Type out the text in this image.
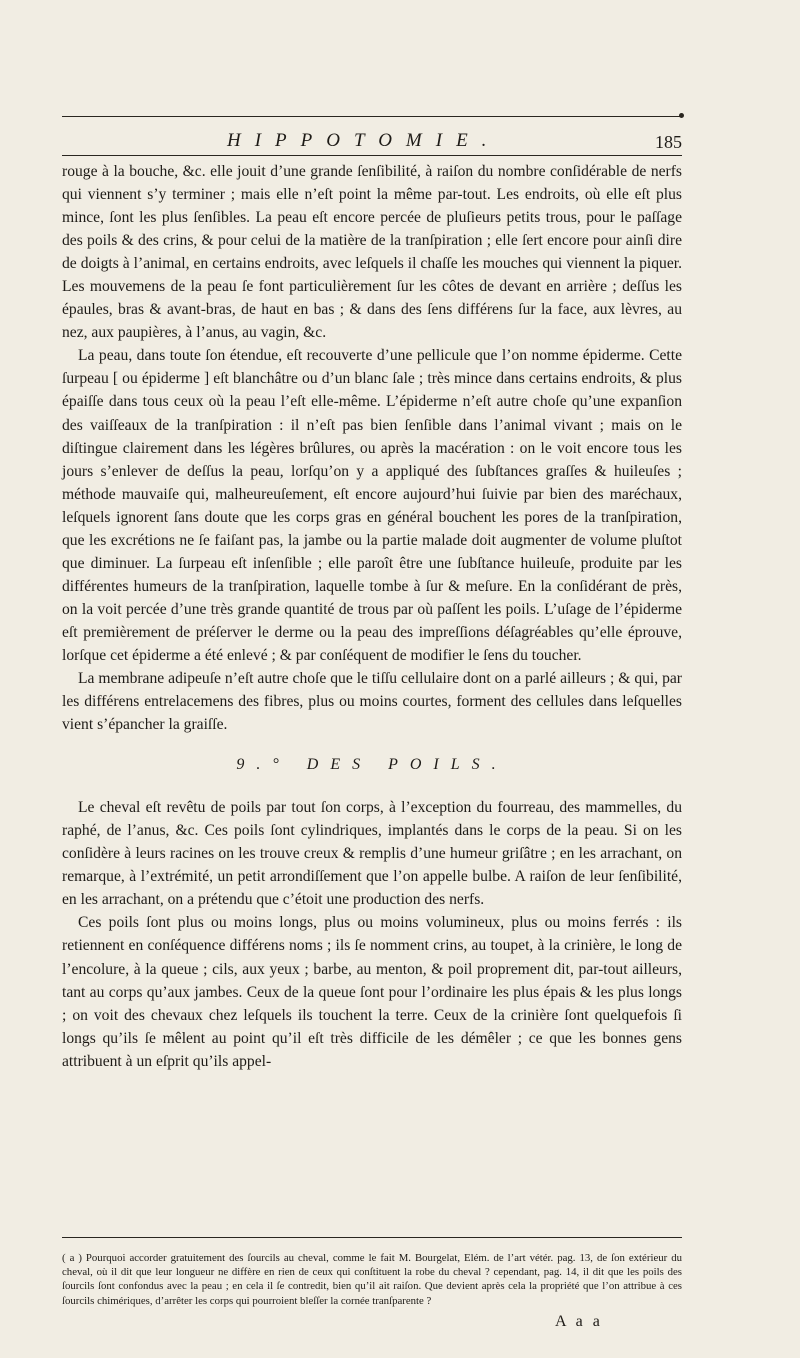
HIPPOTOMIE.	185

rouge à la bouche, &c. elle jouit d’une grande ſenſibilité, à raiſon du nombre conſidérable de nerfs qui viennent s’y terminer ; mais elle n’eſt point la même par-tout. Les endroits, où elle eſt plus mince, ſont les plus ſenſibles. La peau eſt encore percée de pluſieurs petits trous, pour le paſſage des poils & des crins, & pour celui de la matière de la tranſpiration ; elle ſert encore pour ainſi dire de doigts à l’animal, en certains endroits, avec leſquels il chaſſe les mouches qui viennent la piquer. Les mouvemens de la peau ſe font particulièrement ſur les côtes de devant en arrière ; deſſus les épaules, bras & avant-bras, de haut en bas ; & dans des ſens différens ſur la face, aux lèvres, au nez, aux paupières, à l’anus, au vagin, &c.

La peau, dans toute ſon étendue, eſt recouverte d’une pellicule que l’on nomme épiderme. Cette ſurpeau [ ou épiderme ] eſt blanchâtre ou d’un blanc ſale ; très mince dans certains endroits, & plus épaiſſe dans tous ceux où la peau l’eſt elle-même. L’épiderme n’eſt autre choſe qu’une expanſion des vaiſſeaux de la tranſpiration : il n’eſt pas bien ſenſible dans l’animal vivant ; mais on le diſtingue clairement dans les légères brûlures, ou après la macération : on le voit encore tous les jours s’enlever de deſſus la peau, lorſqu’on y a appliqué des ſubſtances graſſes & huileuſes ; méthode mauvaiſe qui, malheureuſement, eſt encore aujourd’hui ſuivie par bien des maréchaux, leſquels ignorent ſans doute que les corps gras en général bouchent les pores de la tranſpiration, que les excrétions ne ſe faiſant pas, la jambe ou la partie malade doit augmenter de volume pluſtot que diminuer. La ſurpeau eſt inſenſible ; elle paroît être une ſubſtance huileuſe, produite par les différentes humeurs de la tranſpiration, laquelle tombe à ſur & meſure. En la conſidérant de près, on la voit percée d’une très grande quantité de trous par où paſſent les poils. L’uſage de l’épiderme eſt premièrement de préſerver le derme ou la peau des impreſſions déſagréables qu’elle éprouve, lorſque cet épiderme a été enlevé ; & par conſéquent de modifier le ſens du toucher.

La membrane adipeuſe n’eſt autre choſe que le tiſſu cellulaire dont on a parlé ailleurs ; & qui, par les différens entrelacemens des fibres, plus ou moins courtes, forment des cellules dans leſquelles vient s’épancher la graiſſe.

9.° DES POILS.

Le cheval eſt revêtu de poils par tout ſon corps, à l’exception du fourreau, des mammelles, du raphé, de l’anus, &c. Ces poils ſont cylindriques, implantés dans le corps de la peau. Si on les conſidère à leurs racines on les trouve creux & remplis d’une humeur griſâtre ; en les arrachant, on remarque, à l’extrémité, un petit arrondiſſement que l’on appelle bulbe. A raiſon de leur ſenſibilité, en les arrachant, on a prétendu que c’étoit une production des nerfs.

Ces poils ſont plus ou moins longs, plus ou moins volumineux, plus ou moins ferrés : ils retiennent en conſéquence différens noms ; ils ſe nomment crins, au toupet, à la crinière, le long de l’encolure, à la queue ; cils, aux yeux ; barbe, au menton, & poil proprement dit, par-tout ailleurs, tant au corps qu’aux jambes. Ceux de la queue ſont pour l’ordinaire les plus épais & les plus longs ; on voit des chevaux chez leſquels ils touchent la terre. Ceux de la crinière ſont quelquefois ſi longs qu’ils ſe mêlent au point qu’il eſt très difficile de les démêler ; ce que les bonnes gens attribuent à un eſprit qu’ils appel-

( a ) Pourquoi accorder gratuitement des ſourcils au cheval, comme le fait M. Bourgelat, Elém. de l’art vétér. pag. 13, de ſon extérieur du cheval, où il dit que leur longueur ne diffère en rien de ceux qui conſtituent la robe du cheval ? cependant, pag. 14, il dit que les poils des ſourcils ſont confondus avec la peau ; en cela il ſe contredit, bien qu’il ait raiſon. Que devient après cela la propriété que l’on attribue à ces ſourcils chimériques, d’arrêter les corps qui pourroient bleſſer la cornée tranſparente ?
A a a
